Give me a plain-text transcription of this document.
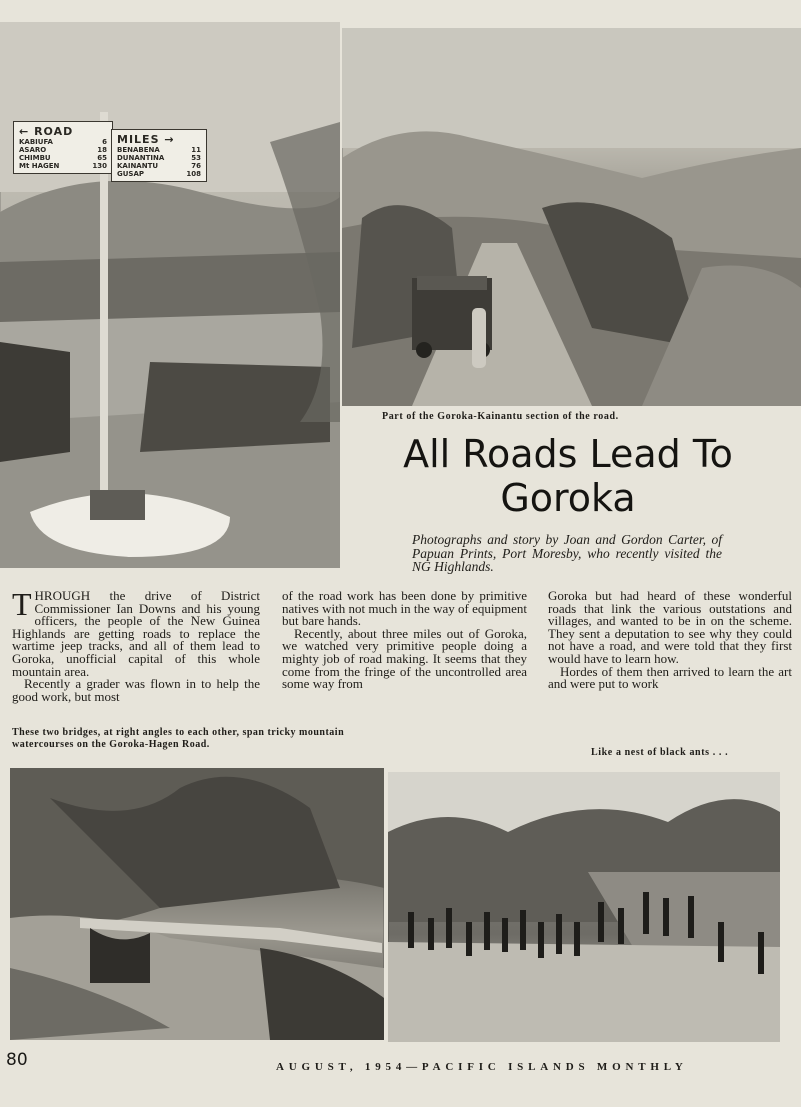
← ROAD
KABIUFA	6
ASARO	18
CHIMBU	65
Mt HAGEN	130
MILES →
BENABENA	11
DUNANTINA	53
KAINANTU	76
GUSAP	108
Part of the Goroka-Kainantu section of the road.
All Roads Lead To
Goroka
Photographs and story by Joan and Gordon Carter, of Papuan Prints, Port Moresby, who recently visited the NG Highlands.

THROUGH the drive of District Commissioner Ian Downs and his young officers, the people of the New Guinea Highlands are getting roads to replace the wartime jeep tracks, and all of them lead to Goroka, unofficial capital of this whole mountain area.

Recently a grader was flown in to help the good work, but most

of the road work has been done by primitive natives with not much in the way of equipment but bare hands.

Recently, about three miles out of Goroka, we watched very primitive people doing a mighty job of road making. It seems that they come from the fringe of the uncontrolled area some way from

Goroka but had heard of these wonderful roads that link the various outstations and villages, and wanted to be in on the scheme. They sent a deputation to see why they could not have a road, and were told that they first would have to learn how.

Hordes of them then arrived to learn the art and were put to work

These two bridges, at right angles to each other, span tricky mountain watercourses on the Goroka-Hagen Road.
Like a nest of black ants . . .
80	AUGUST, 1954—PACIFIC ISLANDS MONTHLY
